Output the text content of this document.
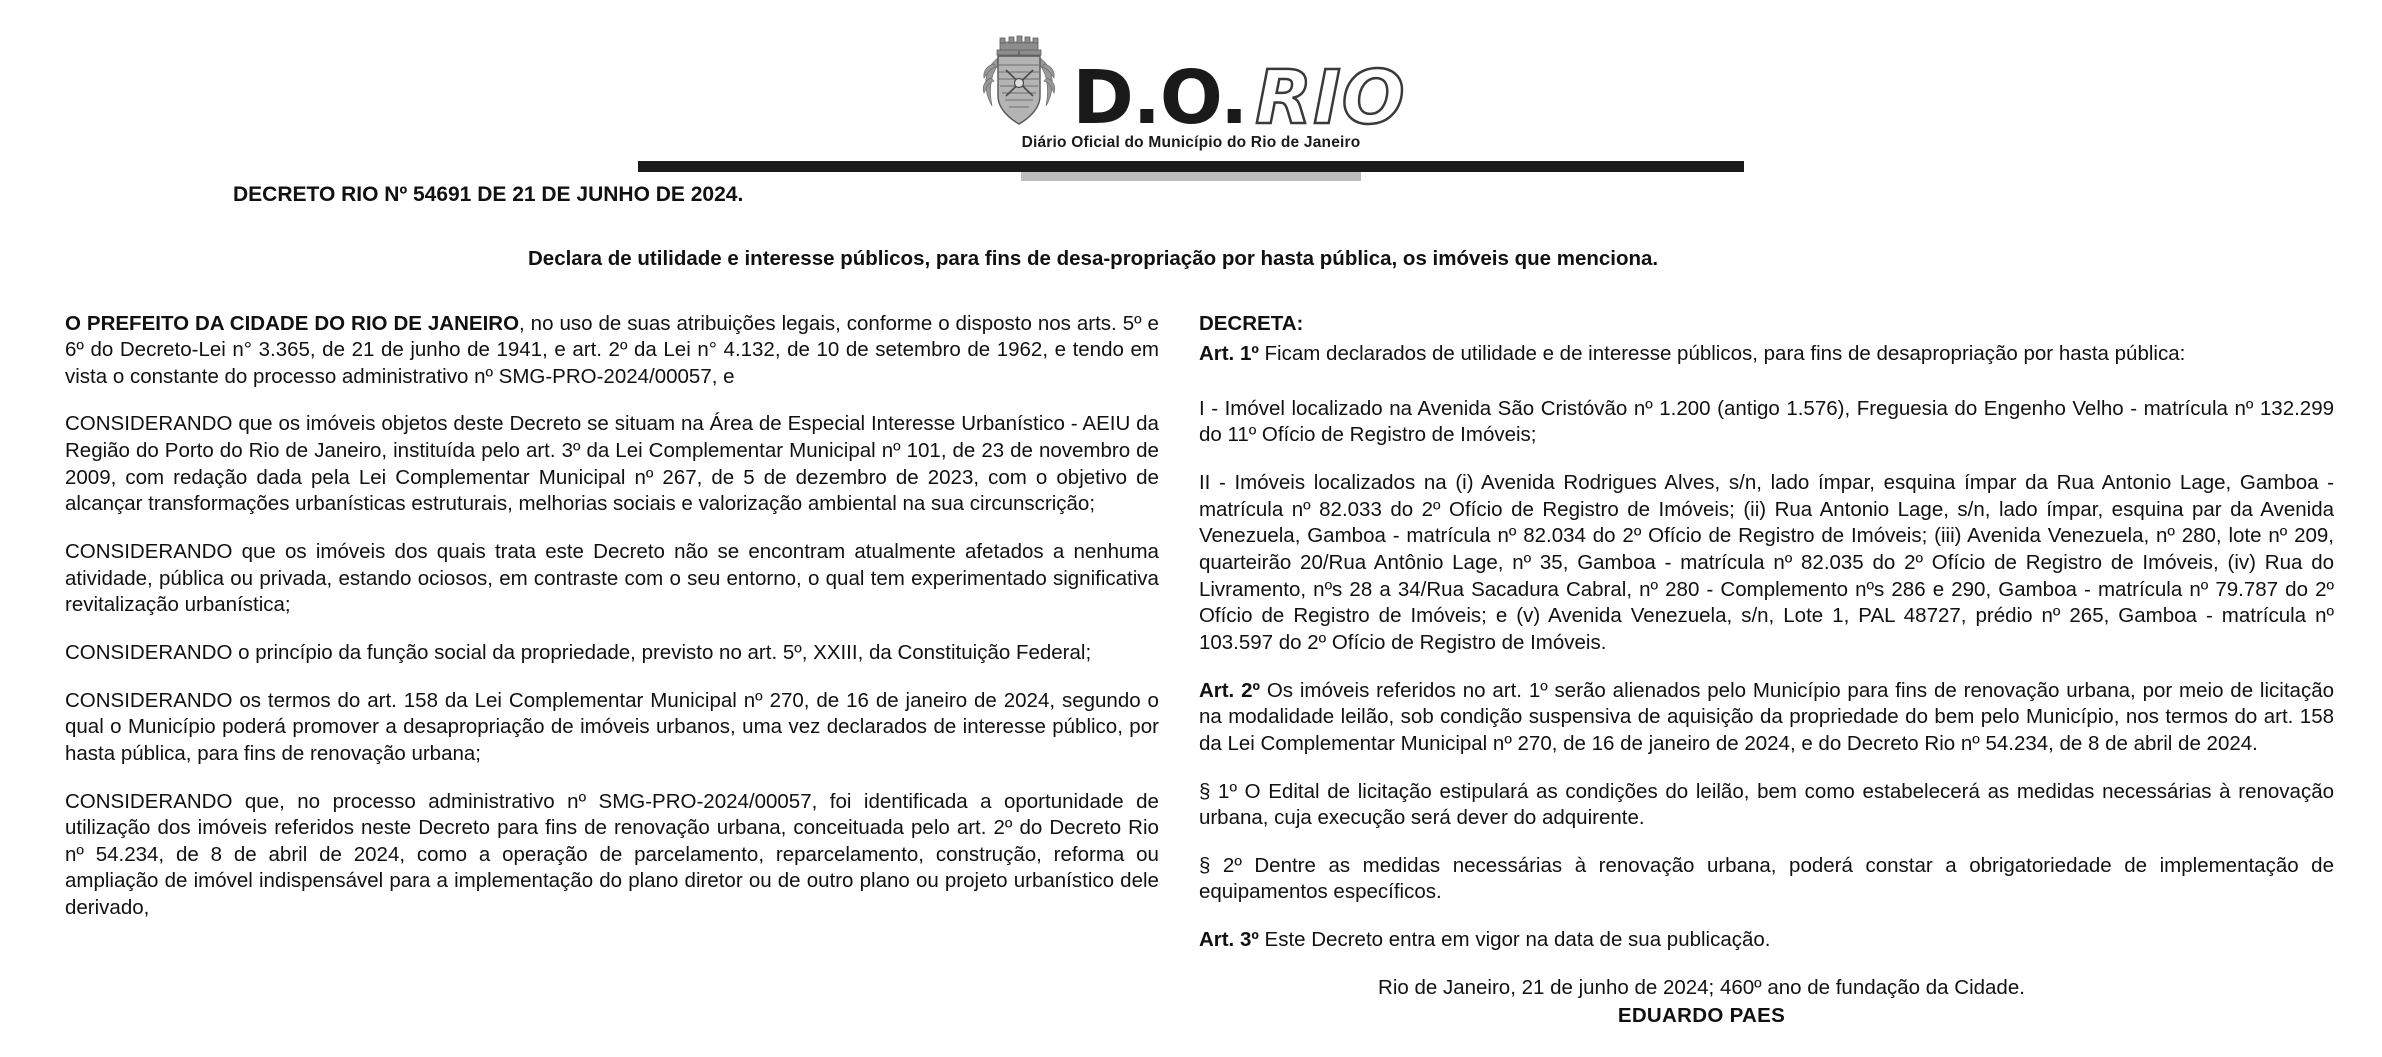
D.O. RIO
Diário Oficial do Município do Rio de Janeiro
DECRETO RIO Nº 54691 DE 21 DE JUNHO DE 2024.
Declara de utilidade e interesse públicos, para fins de desa-propriação por hasta pública, os imóveis que menciona.

O PREFEITO DA CIDADE DO RIO DE JANEIRO, no uso de suas atribuições legais, conforme o disposto nos arts. 5º e 6º do Decreto-Lei n° 3.365, de 21 de junho de 1941, e art. 2º da Lei n° 4.132, de 10 de setembro de 1962, e tendo em vista o constante do processo administrativo nº SMG-PRO-2024/00057, e

CONSIDERANDO que os imóveis objetos deste Decreto se situam na Área de Especial Interesse Urbanístico - AEIU da Região do Porto do Rio de Janeiro, instituída pelo art. 3º da Lei Complementar Municipal nº 101, de 23 de novembro de 2009, com redação dada pela Lei Complementar Municipal nº 267, de 5 de dezembro de 2023, com o objetivo de alcançar transformações urbanísticas estruturais, melhorias sociais e valorização ambiental na sua circunscrição;

CONSIDERANDO que os imóveis dos quais trata este Decreto não se encontram atualmente afetados a nenhuma atividade, pública ou privada, estando ociosos, em contraste com o seu entorno, o qual tem experimentado significativa revitalização urbanística;

CONSIDERANDO o princípio da função social da propriedade, previsto no art. 5º, XXIII, da Constituição Federal;

CONSIDERANDO os termos do art. 158 da Lei Complementar Municipal nº 270, de 16 de janeiro de 2024, segundo o qual o Município poderá promover a desapropriação de imóveis urbanos, uma vez declarados de interesse público, por hasta pública, para fins de renovação urbana;

CONSIDERANDO que, no processo administrativo nº SMG-PRO-2024/00057, foi identificada a oportunidade de utilização dos imóveis referidos neste Decreto para fins de renovação urbana, conceituada pelo art. 2º do Decreto Rio nº 54.234, de 8 de abril de 2024, como a operação de parcelamento, reparcelamento, construção, reforma ou ampliação de imóvel indispensável para a implementação do plano diretor ou de outro plano ou projeto urbanístico dele derivado,

DECRETA:

Art. 1º Ficam declarados de utilidade e de interesse públicos, para fins de desapropriação por hasta pública:

I - Imóvel localizado na Avenida São Cristóvão nº 1.200 (antigo 1.576), Freguesia do Engenho Velho - matrícula nº 132.299 do 11º Ofício de Registro de Imóveis;

II - Imóveis localizados na (i) Avenida Rodrigues Alves, s/n, lado ímpar, esquina ímpar da Rua Antonio Lage, Gamboa - matrícula nº 82.033 do 2º Ofício de Registro de Imóveis; (ii) Rua Antonio Lage, s/n, lado ímpar, esquina par da Avenida Venezuela, Gamboa - matrícula nº 82.034 do 2º Ofício de Registro de Imóveis; (iii) Avenida Venezuela, nº 280, lote nº 209, quarteirão 20/Rua Antônio Lage, nº 35, Gamboa - matrícula nº 82.035 do 2º Ofício de Registro de Imóveis, (iv) Rua do Livramento, nºs 28 a 34/Rua Sacadura Cabral, nº 280 - Complemento nºs 286 e 290, Gamboa - matrícula nº 79.787 do 2º Ofício de Registro de Imóveis; e (v) Avenida Venezuela, s/n, Lote 1, PAL 48727, prédio nº 265, Gamboa - matrícula nº 103.597 do 2º Ofício de Registro de Imóveis.

Art. 2º Os imóveis referidos no art. 1º serão alienados pelo Município para fins de renovação urbana, por meio de licitação na modalidade leilão, sob condição suspensiva de aquisição da propriedade do bem pelo Município, nos termos do art. 158 da Lei Complementar Municipal nº 270, de 16 de janeiro de 2024, e do Decreto Rio nº 54.234, de 8 de abril de 2024.

§ 1º O Edital de licitação estipulará as condições do leilão, bem como estabelecerá as medidas necessárias à renovação urbana, cuja execução será dever do adquirente.

§ 2º Dentre as medidas necessárias à renovação urbana, poderá constar a obrigatoriedade de implementação de equipamentos específicos.

Art. 3º Este Decreto entra em vigor na data de sua publicação.

Rio de Janeiro, 21 de junho de 2024; 460º ano de fundação da Cidade.

EDUARDO PAES
